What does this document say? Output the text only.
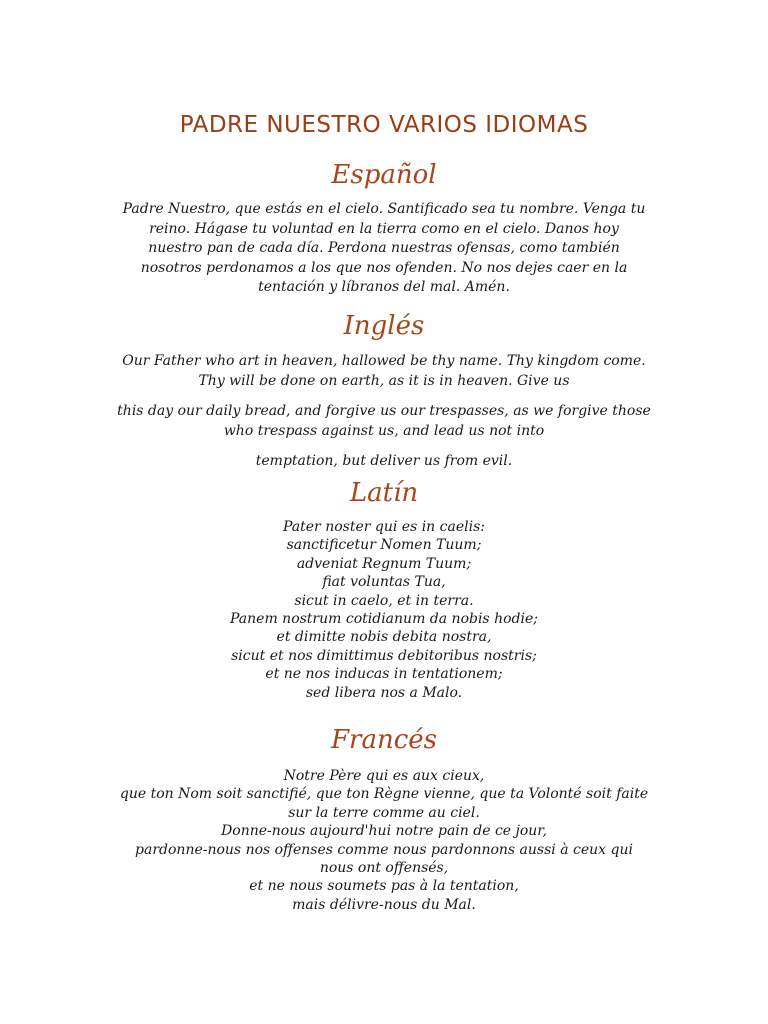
PADRE NUESTRO VARIOS IDIOMAS
Español
Padre Nuestro, que estás en el cielo. Santificado sea tu nombre. Venga tu
reino. Hágase tu voluntad en la tierra como en el cielo. Danos hoy
nuestro pan de cada día. Perdona nuestras ofensas, como también
nosotros perdonamos a los que nos ofenden. No nos dejes caer en la
tentación y líbranos del mal. Amén.
Inglés
Our Father who art in heaven, hallowed be thy name. Thy kingdom come.
Thy will be done on earth, as it is in heaven. Give us
this day our daily bread, and forgive us our trespasses, as we forgive those
who trespass against us, and lead us not into
temptation, but deliver us from evil.
Latín
Pater noster qui es in caelis:
sanctificetur Nomen Tuum;
adveniat Regnum Tuum;
fiat voluntas Tua,
sicut in caelo, et in terra.
Panem nostrum cotidianum da nobis hodie;
et dimitte nobis debita nostra,
sicut et nos dimittimus debitoribus nostris;
et ne nos inducas in tentationem;
sed libera nos a Malo.
Francés
Notre Père qui es aux cieux,
que ton Nom soit sanctifié, que ton Règne vienne, que ta Volonté soit faite
sur la terre comme au ciel.
Donne-nous aujourd'hui notre pain de ce jour,
pardonne-nous nos offenses comme nous pardonnons aussi à ceux qui
nous ont offensés,
et ne nous soumets pas à la tentation,
mais délivre-nous du Mal.
